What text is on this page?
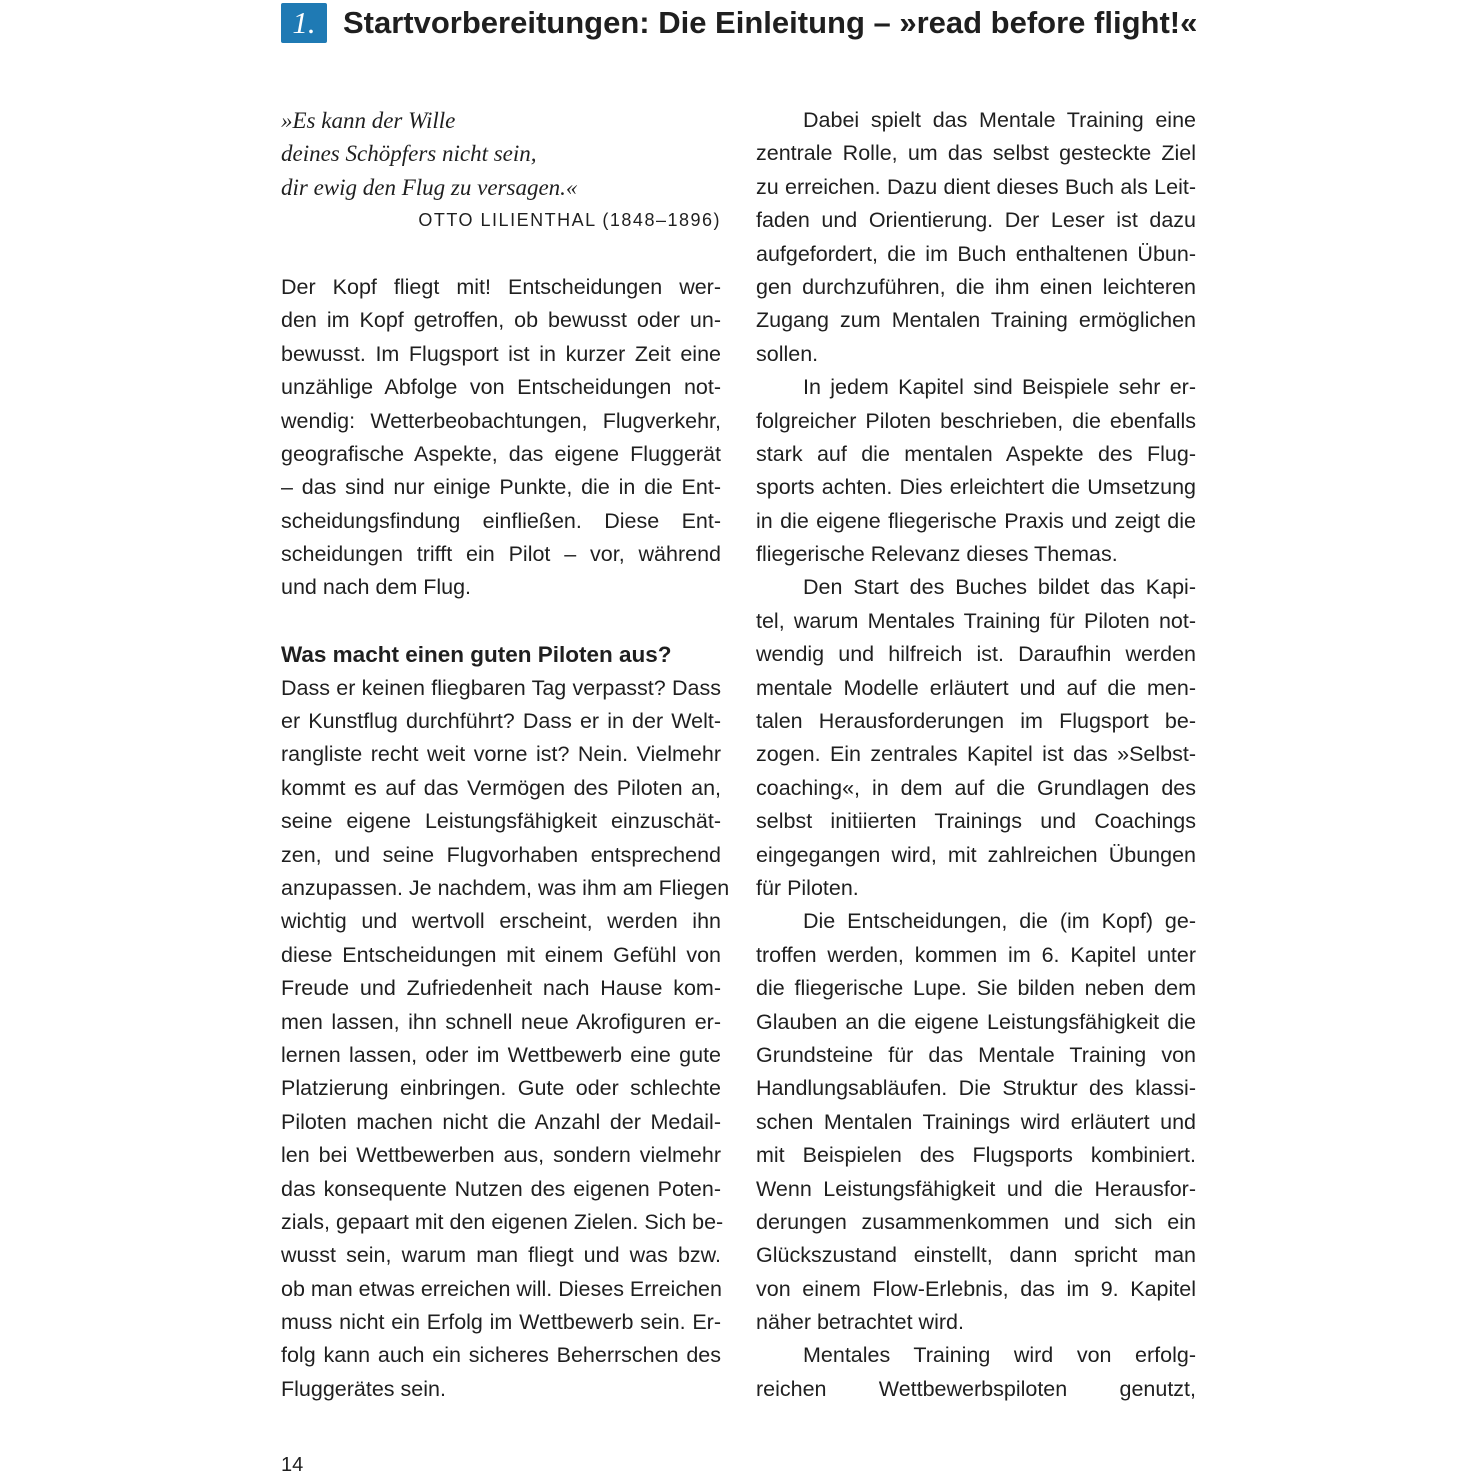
1. Startvorbereitungen: Die Einleitung – »read before flight!«
»Es kann der Wille
deines Schöpfers nicht sein,
dir ewig den Flug zu versagen.«
OTTO LILIENTHAL (1848–1896)
Der Kopf fliegt mit! Entscheidungen wer-
den im Kopf getroffen, ob bewusst oder un-
bewusst. Im Flugsport ist in kurzer Zeit eine
unzählige Abfolge von Entscheidungen not-
wendig: Wetterbeobachtungen, Flugverkehr,
geografische Aspekte, das eigene Fluggerät
– das sind nur einige Punkte, die in die Ent-
scheidungsfindung einfließen. Diese Ent-
scheidungen trifft ein Pilot – vor, während
und nach dem Flug.
Was macht einen guten Piloten aus?
Dass er keinen fliegbaren Tag verpasst? Dass
er Kunstflug durchführt? Dass er in der Welt-
rangliste recht weit vorne ist? Nein. Vielmehr
kommt es auf das Vermögen des Piloten an,
seine eigene Leistungsfähigkeit einzuschät-
zen, und seine Flugvorhaben entsprechend
anzupassen. Je nachdem, was ihm am Fliegen
wichtig und wertvoll erscheint, werden ihn
diese Entscheidungen mit einem Gefühl von
Freude und Zufriedenheit nach Hause kom-
men lassen, ihn schnell neue Akrofiguren er-
lernen lassen, oder im Wettbewerb eine gute
Platzierung einbringen. Gute oder schlechte
Piloten machen nicht die Anzahl der Medail-
len bei Wettbewerben aus, sondern vielmehr
das konsequente Nutzen des eigenen Poten-
zials, gepaart mit den eigenen Zielen. Sich be-
wusst sein, warum man fliegt und was bzw.
ob man etwas erreichen will. Dieses Erreichen
muss nicht ein Erfolg im Wettbewerb sein. Er-
folg kann auch ein sicheres Beherrschen des
Fluggerätes sein.
Dabei spielt das Mentale Training eine
zentrale Rolle, um das selbst gesteckte Ziel
zu erreichen. Dazu dient dieses Buch als Leit-
faden und Orientierung. Der Leser ist dazu
aufgefordert, die im Buch enthaltenen Übun-
gen durchzuführen, die ihm einen leichteren
Zugang zum Mentalen Training ermöglichen
sollen.
In jedem Kapitel sind Beispiele sehr er-
folgreicher Piloten beschrieben, die ebenfalls
stark auf die mentalen Aspekte des Flug-
sports achten. Dies erleichtert die Umsetzung
in die eigene fliegerische Praxis und zeigt die
fliegerische Relevanz dieses Themas.
Den Start des Buches bildet das Kapi-
tel, warum Mentales Training für Piloten not-
wendig und hilfreich ist. Daraufhin werden
mentale Modelle erläutert und auf die men-
talen Herausforderungen im Flugsport be-
zogen. Ein zentrales Kapitel ist das »Selbst-
coaching«, in dem auf die Grundlagen des
selbst initiierten Trainings und Coachings
eingegangen wird, mit zahlreichen Übungen
für Piloten.
Die Entscheidungen, die (im Kopf) ge-
troffen werden, kommen im 6. Kapitel unter
die fliegerische Lupe. Sie bilden neben dem
Glauben an die eigene Leistungsfähigkeit die
Grundsteine für das Mentale Training von
Handlungsabläufen. Die Struktur des klassi-
schen Mentalen Trainings wird erläutert und
mit Beispielen des Flugsports kombiniert.
Wenn Leistungsfähigkeit und die Herausfor-
derungen zusammenkommen und sich ein
Glückszustand einstellt, dann spricht man
von einem Flow-Erlebnis, das im 9. Kapitel
näher betrachtet wird.
Mentales Training wird von erfolg-
reichen Wettbewerbspiloten genutzt,
14
